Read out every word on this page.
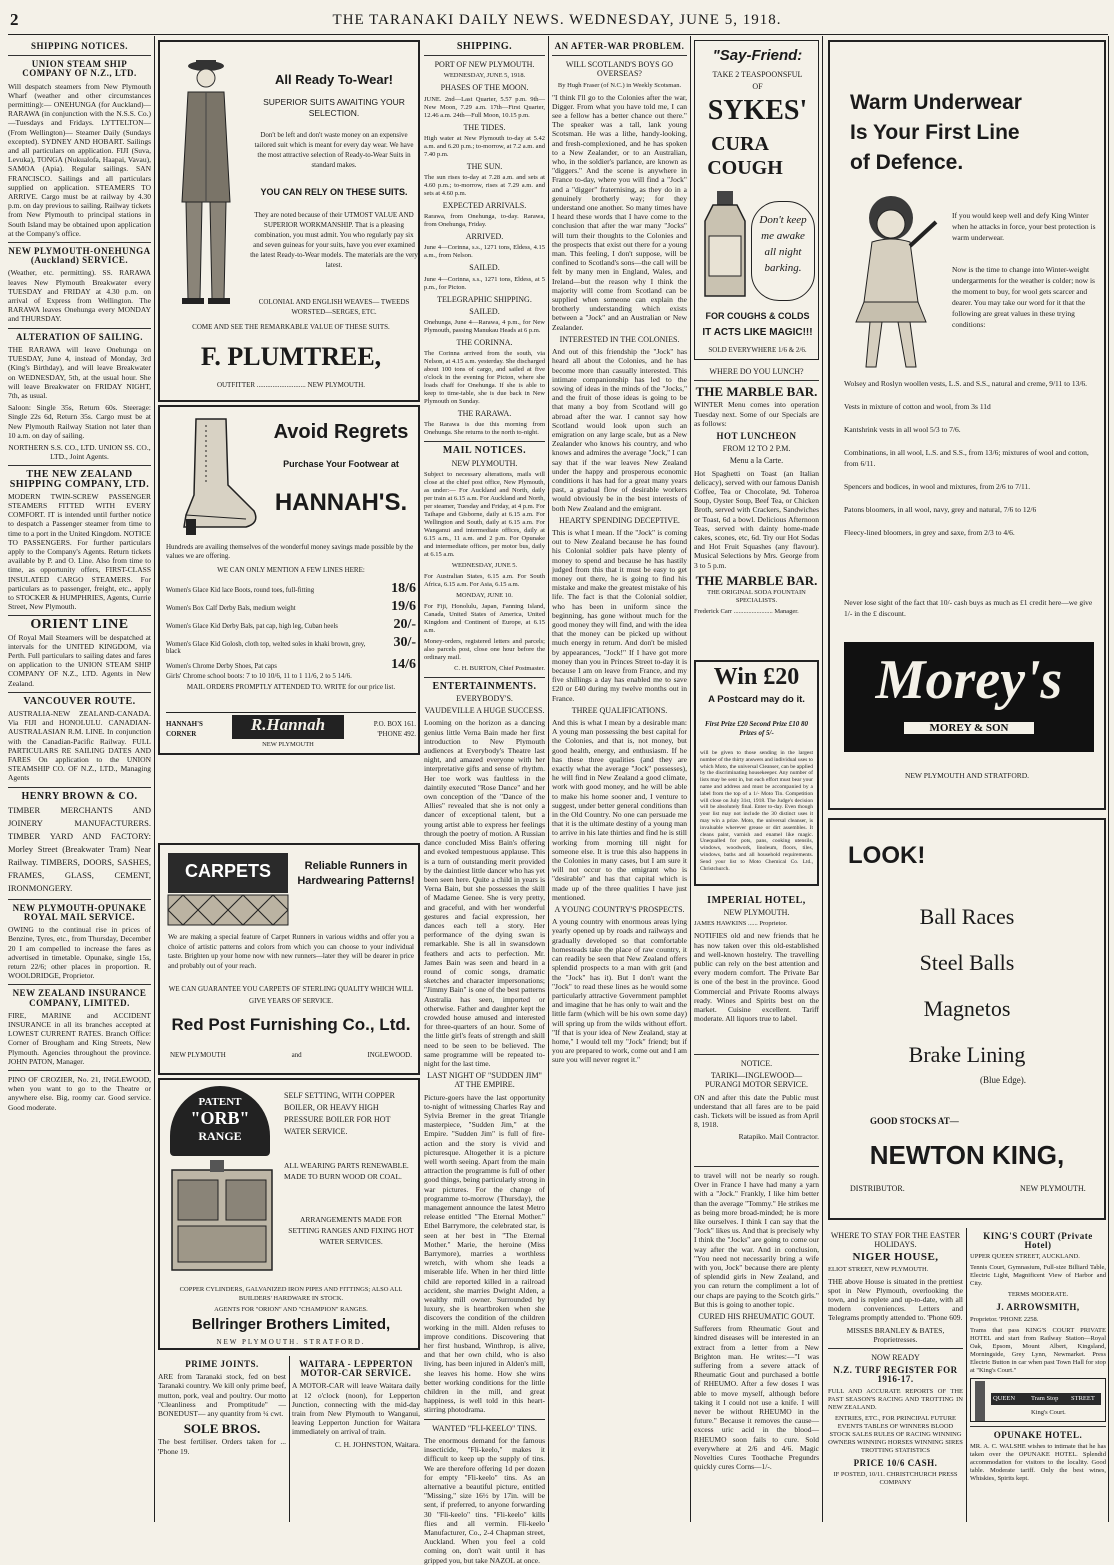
2	THE TARANAKI DAILY NEWS. WEDNESDAY, JUNE 5, 1918.
SHIPPING NOTICES.
UNION STEAM SHIP COMPANY OF N.Z., LTD.

Will despatch steamers from New Plymouth Wharf (weather and other circumstances permitting):— ONEHUNGA (for Auckland)— RARAWA (in conjunction with the N.S.S. Co.)—Tuesdays and Fridays. LYTTELTON— (From Wellington)— Steamer Daily (Sundays excepted). SYDNEY AND HOBART. Sailings and all particulars on application. FIJI (Suva, Levuka), TONGA (Nukualofa, Haapai, Vavau), SAMOA (Apia). Regular sailings. SAN FRANCISCO. Sailings and all particulars supplied on application. STEAMERS TO ARRIVE. Cargo must be at railway by 4.30 p.m. on day previous to sailing. Railway tickets from New Plymouth to principal stations in South Island may be obtained upon application at the Company's office.

NEW PLYMOUTH-ONEHUNGA (Auckland) SERVICE.

(Weather, etc. permitting). SS. RARAWA leaves New Plymouth Breakwater every TUESDAY and FRIDAY at 4.30 p.m. on arrival of Express from Wellington. The RARAWA leaves Onehunga every MONDAY and THURSDAY.

ALTERATION OF SAILING.

THE RARAWA will leave Onehunga on TUESDAY, June 4, instead of Monday, 3rd (King's Birthday), and will leave Breakwater on WEDNESDAY, 5th, at the usual hour. She will leave Breakwater on FRIDAY NIGHT, 7th, as usual.

Saloon: Single 35s, Return 60s. Steerage: Single 22s 6d, Return 35s. Cargo must be at New Plymouth Railway Station not later than 10 a.m. on day of sailing.

NORTHERN S.S. CO., LTD. UNION SS. CO., LTD., Joint Agents.

THE NEW ZEALAND SHIPPING COMPANY, LTD.

MODERN TWIN-SCREW PASSENGER STEAMERS FITTED WITH EVERY COMFORT. IT is intended until further notice to despatch a Passenger steamer from time to time to a port in the United Kingdom. NOTICE TO PASSENGERS. For further particulars apply to the Company's Agents. Return tickets available by P. and O. Line. Also from time to time, as opportunity offers, FIRST-CLASS INSULATED CARGO STEAMERS. For particulars as to passenger, freight, etc., apply to STOCKER & HUMPHRIES, Agents, Currie Street, New Plymouth.

ORIENT LINE

Of Royal Mail Steamers will be despatched at intervals for the UNITED KINGDOM, via Perth. Full particulars to sailing dates and fares on application to the UNION STEAM SHIP COMPANY OF N.Z., LTD. Agents in New Zealand.

VANCOUVER ROUTE.

AUSTRALIA-NEW ZEALAND-CANADA. Via FIJI and HONOLULU. CANADIAN-AUSTRALASIAN R.M. LINE. In conjunction with the Canadian-Pacific Railway. FULL PARTICULARS RE SAILING DATES AND FARES On application to the UNION STEAMSHIP CO. OF N.Z., LTD., Managing Agents

HENRY BROWN & CO.

TIMBER MERCHANTS AND JOINERY MANUFACTURERS. TIMBER YARD AND FACTORY: Morley Street (Breakwater Tram) Near Railway. TIMBERS, DOORS, SASHES, FRAMES, GLASS, CEMENT, IRONMONGERY.

NEW PLYMOUTH-OPUNAKE ROYAL MAIL SERVICE.

OWING to the continual rise in prices of Benzine, Tyres, etc., from Thursday, December 20 I am compelled to increase the fares as advertised in timetable. Opunake, single 15s, return 22/6; other places in proportion. R. WOOLDRIDGE, Proprietor.

NEW ZEALAND INSURANCE COMPANY, LIMITED.

FIRE, MARINE and ACCIDENT INSURANCE in all its branches accepted at LOWEST CURRENT RATES. Branch Office: Corner of Brougham and King Streets, New Plymouth. Agencies throughout the province. JOHN PATON, Manager.

PINO OF CROZIER, No. 21, INGLEWOOD, when you want to go to the Theatre or anywhere else. Big, roomy car. Good service. Good moderate.

All Ready To-Wear!
SUPERIOR SUITS AWAITING YOUR SELECTION.
Don't be left and don't waste money on an expensive tailored suit which is meant for every day wear. We have the most attractive selection of Ready-to-Wear Suits in standard makes.
YOU CAN RELY ON THESE SUITS.
They are noted because of their UTMOST VALUE AND SUPERIOR WORKMANSHIP. That is a pleasing combination, you must admit. You who regularly pay six and seven guineas for your suits, have you ever examined the latest Ready-to-Wear models. The materials are the very latest.
COLONIAL AND ENGLISH WEAVES— TWEEDS WORSTED—SERGES, ETC.
COME AND SEE THE REMARKABLE VALUE OF THESE SUITS.
F. PLUMTREE,
OUTFITTER ............................ NEW PLYMOUTH.
Avoid Regrets
Purchase Your Footwear at
HANNAH'S.
Hundreds are availing themselves of the wonderful money savings made possible by the values we are offering.
WE CAN ONLY MENTION A FEW LINES HERE:
Women's Glace Kid lace Boots, round toes, full-fitting	18/6
Women's Box Calf Derby Bals, medium weight	19/6
Women's Glace Kid Derby Bals, pat cap, high leg, Cuban heels	20/-
Women's Glace Kid Golosh, cloth top, welted soles in khaki brown, grey, black
30/-
Women's Chrome Derby Shoes, Pat caps	14/6
Girls' Chrome school boots: 7 to 10 10/6, 11 to 1 11/6, 2 to 5 14/6.
MAIL ORDERS PROMPTLY ATTENDED TO. WRITE for our price list.
HANNAH'S CORNER	R.Hannah
NEW PLYMOUTH
P.O. BOX 161. 'PHONE 492.
CARPETS	Reliable Runners in Hardwearing Patterns!
We are making a special feature of Carpet Runners in various widths and offer you a choice of artistic patterns and colors from which you can choose to your individual taste. Brighten up your home now with new runners—later they will be dearer in price and probably out of your reach.
WE CAN GUARANTEE YOU CARPETS OF STERLING QUALITY WHICH WILL GIVE YEARS OF SERVICE.
Red Post Furnishing Co., Ltd.
NEW PLYMOUTH	and	INGLEWOOD.
PATENT
"ORB"
RANGE
SELF SETTING, WITH COPPER BOILER, OR HEAVY HIGH PRESSURE BOILER FOR HOT WATER SERVICE.
ALL WEARING PARTS RENEWABLE. MADE TO BURN WOOD OR COAL.
ARRANGEMENTS MADE FOR SETTING RANGES AND FIXING HOT WATER SERVICES.
COPPER CYLINDERS, GALVANIZED IRON PIPES AND FITTINGS; ALSO ALL BUILDERS' HARDWARE IN STOCK.
AGENTS FOR "ORION" AND "CHAMPION" RANGES.
Bellringer Brothers Limited,
NEW PLYMOUTH. STRATFORD.
PRIME JOINTS.

ARE from Taranaki stock, fed on best Taranaki country. We kill only prime beef, mutton, pork, veal and poultry. Our motto "Cleanliness and Promptitude" —BONEDUST— any quantity from ¼ cwt.

SOLE BROS.

The best fertiliser. Orders taken for ... 'Phone 19.

WAITARA - LEPPERTON MOTOR-CAR SERVICE.

A MOTOR-CAR will leave Waitara daily at 12 o'clock (noon), for Lepperton Junction, connecting with the mid-day train from New Plymouth to Wanganui, leaving Lepperton Junction for Waitara immediately on arrival of train.

C. H. JOHNSTON, Waitara.

SHIPPING.
PORT OF NEW PLYMOUTH.
WEDNESDAY, JUNE 5, 1918.
PHASES OF THE MOON.

JUNE. 2nd—Last Quarter, 5.57 p.m. 9th—New Moon, 7.29 a.m. 17th—First Quarter, 12.46 a.m. 24th—Full Moon, 10.15 p.m.

THE TIDES.

High water at New Plymouth to-day at 5.42 a.m. and 6.20 p.m.; to-morrow, at 7.2 a.m. and 7.40 p.m.

THE SUN.

The sun rises to-day at 7.28 a.m. and sets at 4.60 p.m.; to-morrow, rises at 7.29 a.m. and sets at 4.60 p.m.

EXPECTED ARRIVALS.

Rarawa, from Onehunga, to-day. Rarawa, from Onehunga, Friday.

ARRIVED.

June 4—Corinna, s.s., 1271 tons, Eldess, 4.15 a.m., from Nelson.

SAILED.

June 4—Corinna, s.s., 1271 tons, Eldess, at 5 p.m., for Picton.

TELEGRAPHIC SHIPPING.
SAILED.

Onehunga, June 4—Rarawa, 4 p.m., for New Plymouth, passing Manukau Heads at 6 p.m.

THE CORINNA.

The Corinna arrived from the south, via Nelson, at 4.15 a.m. yesterday. She discharged about 100 tons of cargo, and sailed at five o'clock in the evening for Picton, where she loads chaff for Onehunga. If she is able to keep to time-table, she is due back in New Plymouth on Sunday.

THE RARAWA.

The Rarawa is due this morning from Onehunga. She returns to the north to-night.

MAIL NOTICES.
NEW PLYMOUTH.

Subject to necessary alterations, mails will close at the chief post office, New Plymouth, as under:— For Auckland and North, daily per train at 6.15 a.m. For Auckland and North, per steamer, Tuesday and Friday, at 4 p.m. For Taihape and Gisborne, daily at 6.15 a.m. For Wellington and South, daily at 6.15 a.m. For Wanganui and intermediate offices, daily at 6.15 a.m., 11 a.m. and 2 p.m. For Opunake and intermediate offices, per motor bus, daily at 6.15 a.m.

WEDNESDAY, JUNE 5.

For Australian States, 6.15 a.m. For South Africa, 6.15 a.m. For Asia, 6.15 a.m.

MONDAY, JUNE 10.

For Fiji, Honolulu, Japan, Fanning Island, Canada, United States of America, United Kingdom and Continent of Europe, at 6.15 a.m.

Money-orders, registered letters and parcels; also parcels post, close one hour before the ordinary mail.

C. H. BURTON, Chief Postmaster.

ENTERTAINMENTS.
EVERYBODY'S.
VAUDEVILLE A HUGE SUCCESS.

Looming on the horizon as a dancing genius little Verna Bain made her first introduction to New Plymouth audiences at Everybody's Theatre last night, and amazed everyone with her interpretative gifts and sense of rhythm. Her toe work was faultless in the daintily executed "Rose Dance" and her own conception of the "Dance of the Allies" revealed that she is not only a dancer of exceptional talent, but a young artist able to express her feelings through the poetry of motion. A Russian dance concluded Miss Bain's offering and evoked tempestuous applause. This is a turn of outstanding merit provided by the daintiest little dancer who has yet been seen here. Quite a child in years is Verna Bain, but she possesses the skill of Madame Genee. She is very pretty, and graceful, and with her wonderful gestures and facial expression, her dances each tell a story. Her performance of the dying swan is remarkable. She is all in swansdown feathers and acts to perfection. Mr. James Bain was seen and heard in a round of comic songs, dramatic sketches and character impersonations; "Jimmy Bain" is one of the best patterns Australia has seen, imported or otherwise. Father and daughter kept the crowded house amused and interested for three-quarters of an hour. Some of the little girl's feats of strength and skill need to be seen to be believed. The same programme will be repeated to-night for the last time.

LAST NIGHT OF "SUDDEN JIM" AT THE EMPIRE.

Picture-goers have the last opportunity to-night of witnessing Charles Ray and Sylvia Bremer in the great Triangle masterpiece, "Sudden Jim," at the Empire. "Sudden Jim" is full of fire-action and the story is vivid and picturesque. Altogether it is a picture well worth seeing. Apart from the main attraction the programme is full of other good things, being particularly strong in war pictures. For the change of programme to-morrow (Thursday), the management announce the latest Metro release entitled "The Eternal Mother." Ethel Barrymore, the celebrated star, is seen at her best in "The Eternal Mother." Marie, the heroine (Miss Barrymore), marries a worthless wretch, with whom she leads a miserable life. When in her third little child are reported killed in a railroad accident, she marries Dwight Alden, a wealthy mill owner. Surrounded by luxury, she is heartbroken when she discovers the condition of the children working in the mill. Alden refuses to improve conditions. Discovering that her first husband, Winthrop, is alive, and that her own child, who is also living, has been injured in Alden's mill, she leaves his home. How she wins better working conditions for the little children in the mill, and great happiness, is well told in this heart-stirring photodrama.

WANTED "FLI-KEELO" TINS.

The enormous demand for the famous insecticide, "Fli-keelo," makes it difficult to keep up the supply of tins. We are therefore offering 1d per dozen for empty "Fli-keelo" tins. As an alternative a beautiful picture, entitled "Missing," size 16½ by 17in. will be sent, if preferred, to anyone forwarding 30 "Fli-keelo" tins. "Fli-keelo" kills flies and all vermin. Fli-keelo Manufacturer, Co., 2-4 Chapman street, Auckland. When you feel a cold coming on, don't wait until it has gripped you, but take NAZOL at once.

AN AFTER-WAR PROBLEM.
WILL SCOTLAND'S BOYS GO OVERSEAS?
By Hugh Fraser (of N.C.) in Weekly Scotsman.

"I think I'll go to the Colonies after the war, Digger. From what you have told me, I can see a fellow has a better chance out there." The speaker was a tall, lank young Scotsman. He was a lithe, handy-looking, and fresh-complexioned, and he has spoken to a New Zealander, or to an Australian, who, in the soldier's parlance, are known as "diggers." And the scene is anywhere in France to-day, where you will find a "Jock" and a "digger" fraternising, as they do in a genuinely brotherly way; for they understand one another. So many times have I heard these words that I have come to the conclusion that after the war many "Jocks" will turn their thoughts to the Colonies and the prospects that exist out there for a young man. This feeling, I don't suppose, will be confined to Scotland's sons—the call will be felt by many men in England, Wales, and Ireland—but the reason why I think the majority will come from Scotland can be supplied when someone can explain the brotherly understanding which exists between a "Jock" and an Australian or New Zealander.

INTERESTED IN THE COLONIES.

And out of this friendship the "Jock" has heard all about the Colonies, and he has become more than casually interested. This intimate companionship has led to the sowing of ideas in the minds of the "Jocks," and the fruit of those ideas is going to be that many a boy from Scotland will go abroad after the war. I cannot say how Scotland would look upon such an emigration on any large scale, but as a New Zealander who knows his country, and who knows and admires the average "Jock," I can say that if the war leaves New Zealand under the happy and prosperous economic conditions it has had for a great many years past, a gradual flow of desirable workers would obviously be in the best interests of both New Zealand and the emigrant.

HEARTY SPENDING DECEPTIVE.

This is what I mean. If the "Jock" is coming out to New Zealand because he has found his Colonial soldier pals have plenty of money to spend and because he has hastily judged from this that it must be easy to get money out there, he is going to find his mistake and make the greatest mistake of his life. The fact is that the Colonial soldier, who has been in uniform since the beginning, has gone without much for the good money they will find, and with the idea that the money can be picked up without much energy in return. And don't be misled by appearances, "Jock!" If I have got more money than you in Princes Street to-day it is because I am on leave from France, and my five shillings a day has enabled me to save £20 or £40 during my twelve months out in France.

THREE QUALIFICATIONS.

And this is what I mean by a desirable man: A young man possessing the best capital for the Colonies, and that is, not money, but good health, energy, and enthusiasm. If he has these three qualities (and they are exactly what the average "Jock" possesses), he will find in New Zealand a good climate, work with good money, and he will be able to make his home sooner and, I venture to suggest, under better general conditions than in the Old Country. No one can persuade me that it is the ultimate destiny of a young man to arrive in his late thirties and find he is still working from morning till night for someone else. It is true this also happens in the Colonies in many cases, but I am sure it will not occur to the emigrant who is "desirable" and has that capital which is made up of the three qualities I have just mentioned.

A YOUNG COUNTRY'S PROSPECTS.

A young country with enormous areas lying yearly opened up by roads and railways and gradually developed so that comfortable homesteads take the place of raw country, it can readily be seen that New Zealand offers splendid prospects to a man with grit (and the "Jock" has it). But I don't want the "Jock" to read these lines as he would some particularly attractive Government pamphlet and imagine that he has only to wait and the little farm (which will be his own some day) will spring up from the wilds without effort. "If that is your idea of New Zealand, stay at home," I would tell my "Jock" friend; but if you are prepared to work, come out and I am sure you will never regret it."

"Say-Friend:
TAKE 2 TEASPOONSFUL
OF
SYKES'
CURA
COUGH
Don't keep me awake all night barking.
FOR COUGHS & COLDS
IT ACTS LIKE MAGIC!!!
SOLD EVERYWHERE 1/6 & 2/6.
WHERE DO YOU LUNCH?
THE MARBLE BAR.

WINTER Menu comes into operation Tuesday next. Some of our Specials are as follows:

HOT LUNCHEON
FROM 12 TO 2 P.M.
Menu a la Carte.

Hot Spaghetti on Toast (an Italian delicacy), served with our famous Danish Coffee, Tea or Chocolate, 9d. Toheroa Soup, Oyster Soup, Beef Tea, or Chicken Broth, served with Crackers, Sandwiches or Toast, 6d a bowl. Delicious Afternoon Teas, served with dainty home-made cakes, scones, etc, 6d. Try our Hot Sodas and Hot Fruit Squashes (any flavour). Musical Selections by Mrs. George from 3 to 5 p.m.

THE MARBLE BAR.
THE ORIGINAL SODA FOUNTAIN SPECIALISTS.

Frederick Carr ........................ Manager.

Win £20
A Postcard may do it.
First Prize £20 Second Prize £10 80 Prizes of 5/-
will be given to those sending in the largest number of the thirty answers and individual uses to which Moto, the universal Cleanser, can be applied by the discriminating housekeeper. Any number of lists may be sent in, but each effort must bear your name and address and must be accompanied by a label from the top of a 1/- Moto Tin. Competition will close on July 31st, 1918. The Judge's decision will be absolutely final. Enter to-day. Even though your list may not include the 30 distinct uses it may win a prize. Moto, the universal cleanser, is invaluable wherever grease or dirt assembles. It cleans paint, varnish and enamel like magic. Unequalled for pots, pans, cooking utensils, windows, woodwork, linoleum, floors, tiles, windows, baths and all household requirements. Send your list to Moto Chemical Co. Ltd., Christchurch.
IMPERIAL HOTEL,
NEW PLYMOUTH.

JAMES HAWKINS ...... Proprietor.

NOTIFIES old and new friends that he has now taken over this old-established and well-known hostelry. The travelling public can rely on the best attention and every modern comfort. The Private Bar is one of the best in the province. Good Commercial and Private Rooms always ready. Wines and Spirits best on the market. Cuisine excellent. Tariff moderate. All liquors true to label.

NOTICE.
TARIKI—INGLEWOOD—PURANGI MOTOR SERVICE.

ON and after this date the Public must understand that all fares are to be paid cash. Tickets will be issued as from April 8, 1918.

Ratapiko. Mail Contractor.

to travel will not be nearly so rough. Over in France I have had many a yarn with a "Jock." Frankly, I like him better than the average "Tommy." He strikes me as being more broad-minded; he is more like ourselves. I think I can say that the "Jock" likes us. And that is precisely why I think the "Jocks" are going to come our way after the war. And in conclusion, "You need not necessarily bring a wife with you, Jock" because there are plenty of splendid girls in New Zealand, and you can return the compliment a lot of our chaps are paying to the Scotch girls." But this is going to another topic.

CURED HIS RHEUMATIC GOUT.

Sufferers from Rheumatic Gout and kindred diseases will be interested in an extract from a letter from a New Brighton man. He writes:—"I was suffering from a severe attack of Rheumatic Gout and purchased a bottle of RHEUMO. After a few doses I was able to move myself, although before taking it I could not use a knife. I will never be without RHEUMO in the future." Because it removes the cause—excess uric acid in the blood—RHEUMO soon fails to cure. Sold everywhere at 2/6 and 4/6. Magic Novelties Cures Toothache Pregundrs quickly cures Corns—1/-.

Warm Underwear
Is Your First Line
of Defence.
If you would keep well and defy King Winter when he attacks in force, your best protection is warm underwear.
Now is the time to change into Winter-weight undergarments for the weather is colder; now is the moment to buy, for wool gets scarcer and dearer. You may take our word for it that the following are great values in these trying conditions:
Wolsey and Roslyn woollen vests, L.S. and S.S., natural and creme, 9/11 to 13/6.
Vests in mixture of cotton and wool, from 3s 11d
Kantshrink vests in all wool 5/3 to 7/6.
Combinations, in all wool, L.S. and S.S., from 13/6; mixtures of wool and cotton, from 6/11.
Spencers and bodices, in wool and mixtures, from 2/6 to 7/11.
Patons bloomers, in all wool, navy, grey and natural, 7/6 to 12/6
Fleecy-lined bloomers, in grey and saxe, from 2/3 to 4/6.
Never lose sight of the fact that 10/- cash buys as much as £1 credit here—we give 1/- in the £ discount.
Morey's
MOREY & SON
NEW PLYMOUTH AND STRATFORD.
LOOK!
Ball Races
Steel Balls
Magnetos
Brake Lining
(Blue Edge).
GOOD STOCKS AT—
NEWTON KING,
DISTRIBUTOR.	NEW PLYMOUTH.
WHERE TO STAY FOR THE EASTER HOLIDAYS.
NIGER HOUSE,

ELIOT STREET, NEW PLYMOUTH.

THE above House is situated in the prettiest spot in New Plymouth, overlooking the town, and is replete and up-to-date, with all modern conveniences. Letters and Telegrams promptly attended to. 'Phone 609.

MISSES BRANLEY & BATES, Proprietresses.

NOW READY
N.Z. TURF REGISTER FOR 1916-17.

FULL AND ACCURATE REPORTS OF THE PAST SEASON'S RACING AND TROTTING IN NEW ZEALAND.

ENTRIES, ETC., FOR PRINCIPAL FUTURE EVENTS TABLES OF WINNERS BLOOD STOCK SALES RULES OF RACING WINNING OWNERS WINNING HORSES WINNING SIRES TROTTING STATISTICS

PRICE 10/6 CASH.

IF POSTED, 10/11. CHRISTCHURCH PRESS COMPANY

KING'S COURT (Private Hotel)

UPPER QUEEN STREET, AUCKLAND.

Tennis Court, Gymnasium, Full-size Billiard Table, Electric Light, Magnificent View of Harbor and City.

TERMS MODERATE.
J. ARROWSMITH,

Proprietor. 'PHONE 2258.

Trams that pass KING'S COURT PRIVATE HOTEL and start from Railway Station—Royal Oak, Epsom, Mount Albert, Kingsland, Morningside, Grey Lynn, Newmarket. Press Electric Button in car when past Town Hall for stop at "King's Court."

QUEEN Tram Stop STREET
King's Court.
OPUNAKE HOTEL.

MR. A. C. WALSHE wishes to intimate that he has taken over the OPUNAKE HOTEL. Splendid accommodation for visitors to the locality. Good table. Moderate tariff. Only the best wines, Whiskies, Spirits kept.
